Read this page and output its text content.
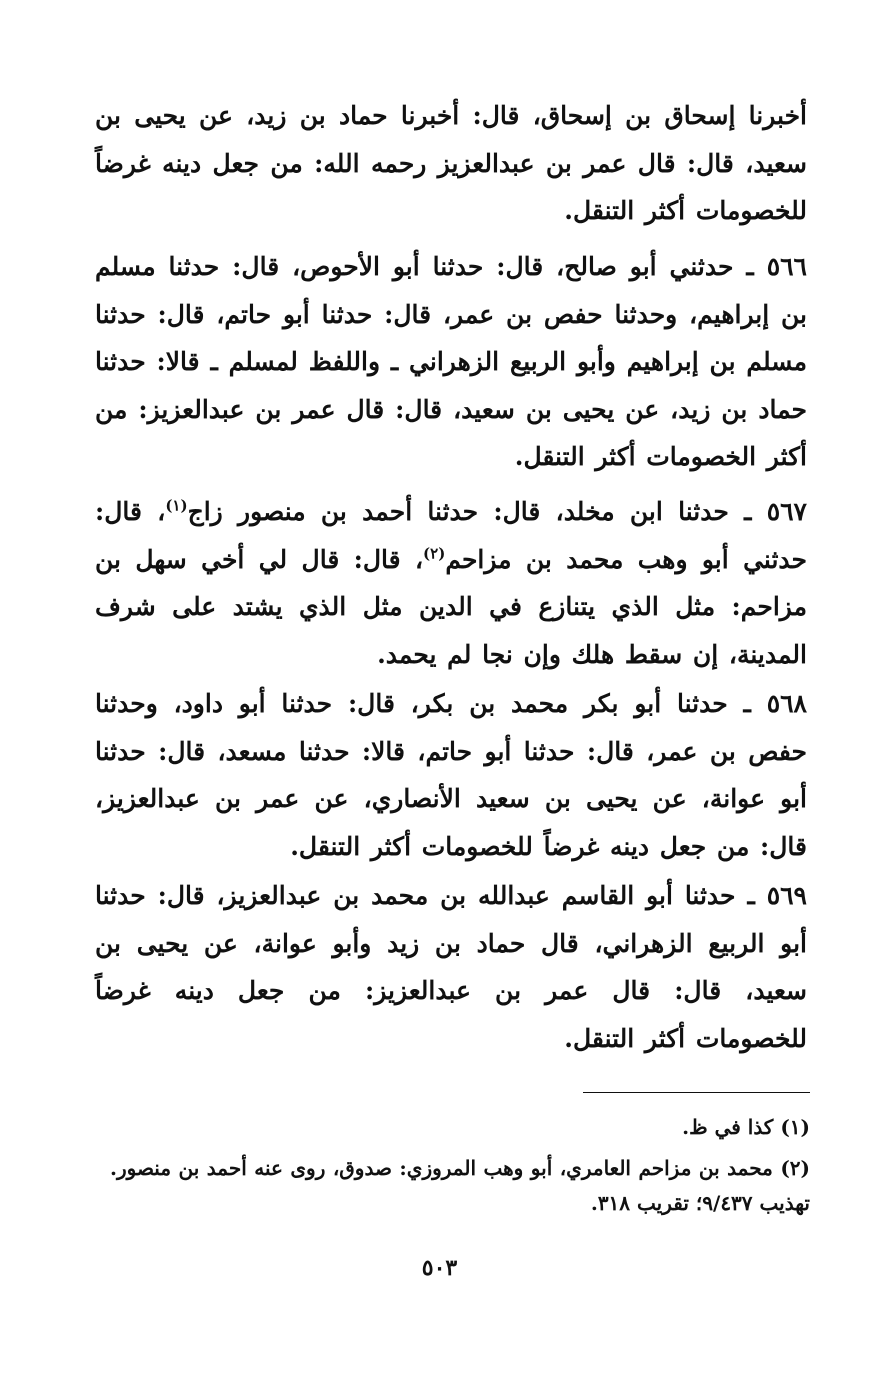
أخبرنا إسحاق بن إسحاق، قال: أخبرنا حماد بن زيد، عن يحيى بن سعيد، قال: قال عمر بن عبدالعزيز رحمه الله: من جعل دينه غرضاً للخصومات أكثر التنقل.
٥٦٦ ـ حدثني أبو صالح، قال: حدثنا أبو الأحوص، قال: حدثنا مسلم بن إبراهيم، وحدثنا حفص بن عمر، قال: حدثنا أبو حاتم، قال: حدثنا مسلم بن إبراهيم وأبو الربيع الزهراني ـ واللفظ لمسلم ـ قالا: حدثنا حماد بن زيد، عن يحيى بن سعيد، قال: قال عمر بن عبدالعزيز: من أكثر الخصومات أكثر التنقل.
٥٦٧ ـ حدثنا ابن مخلد، قال: حدثنا أحمد بن منصور زاج$^{(١)}$، قال: حدثني أبو وهب محمد بن مزاحم$^{(٢)}$، قال: قال لي أخي سهل بن مزاحم: مثل الذي يتنازع في الدين مثل الذي يشتد على شرف المدينة، إن سقط هلك وإن نجا لم يحمد.
٥٦٨ ـ حدثنا أبو بكر محمد بن بكر، قال: حدثنا أبو داود، وحدثنا حفص بن عمر، قال: حدثنا أبو حاتم، قالا: حدثنا مسعد، قال: حدثنا أبو عوانة، عن يحيى بن سعيد الأنصاري، عن عمر بن عبدالعزيز، قال: من جعل دينه غرضاً للخصومات أكثر التنقل.
٥٦٩ ـ حدثنا أبو القاسم عبدالله بن محمد بن عبدالعزيز، قال: حدثنا أبو الربيع الزهراني، قال حماد بن زيد وأبو عوانة، عن يحيى بن سعيد، قال: قال عمر بن عبدالعزيز: من جعل دينه غرضاً للخصومات أكثر التنقل.
(١) كذا في ظ.
(٢) محمد بن مزاحم العامري، أبو وهب المروزي: صدوق، روى عنه أحمد بن منصور. تهذيب ٩/٤٣٧؛ تقريب ٣١٨.
٥٠٣
